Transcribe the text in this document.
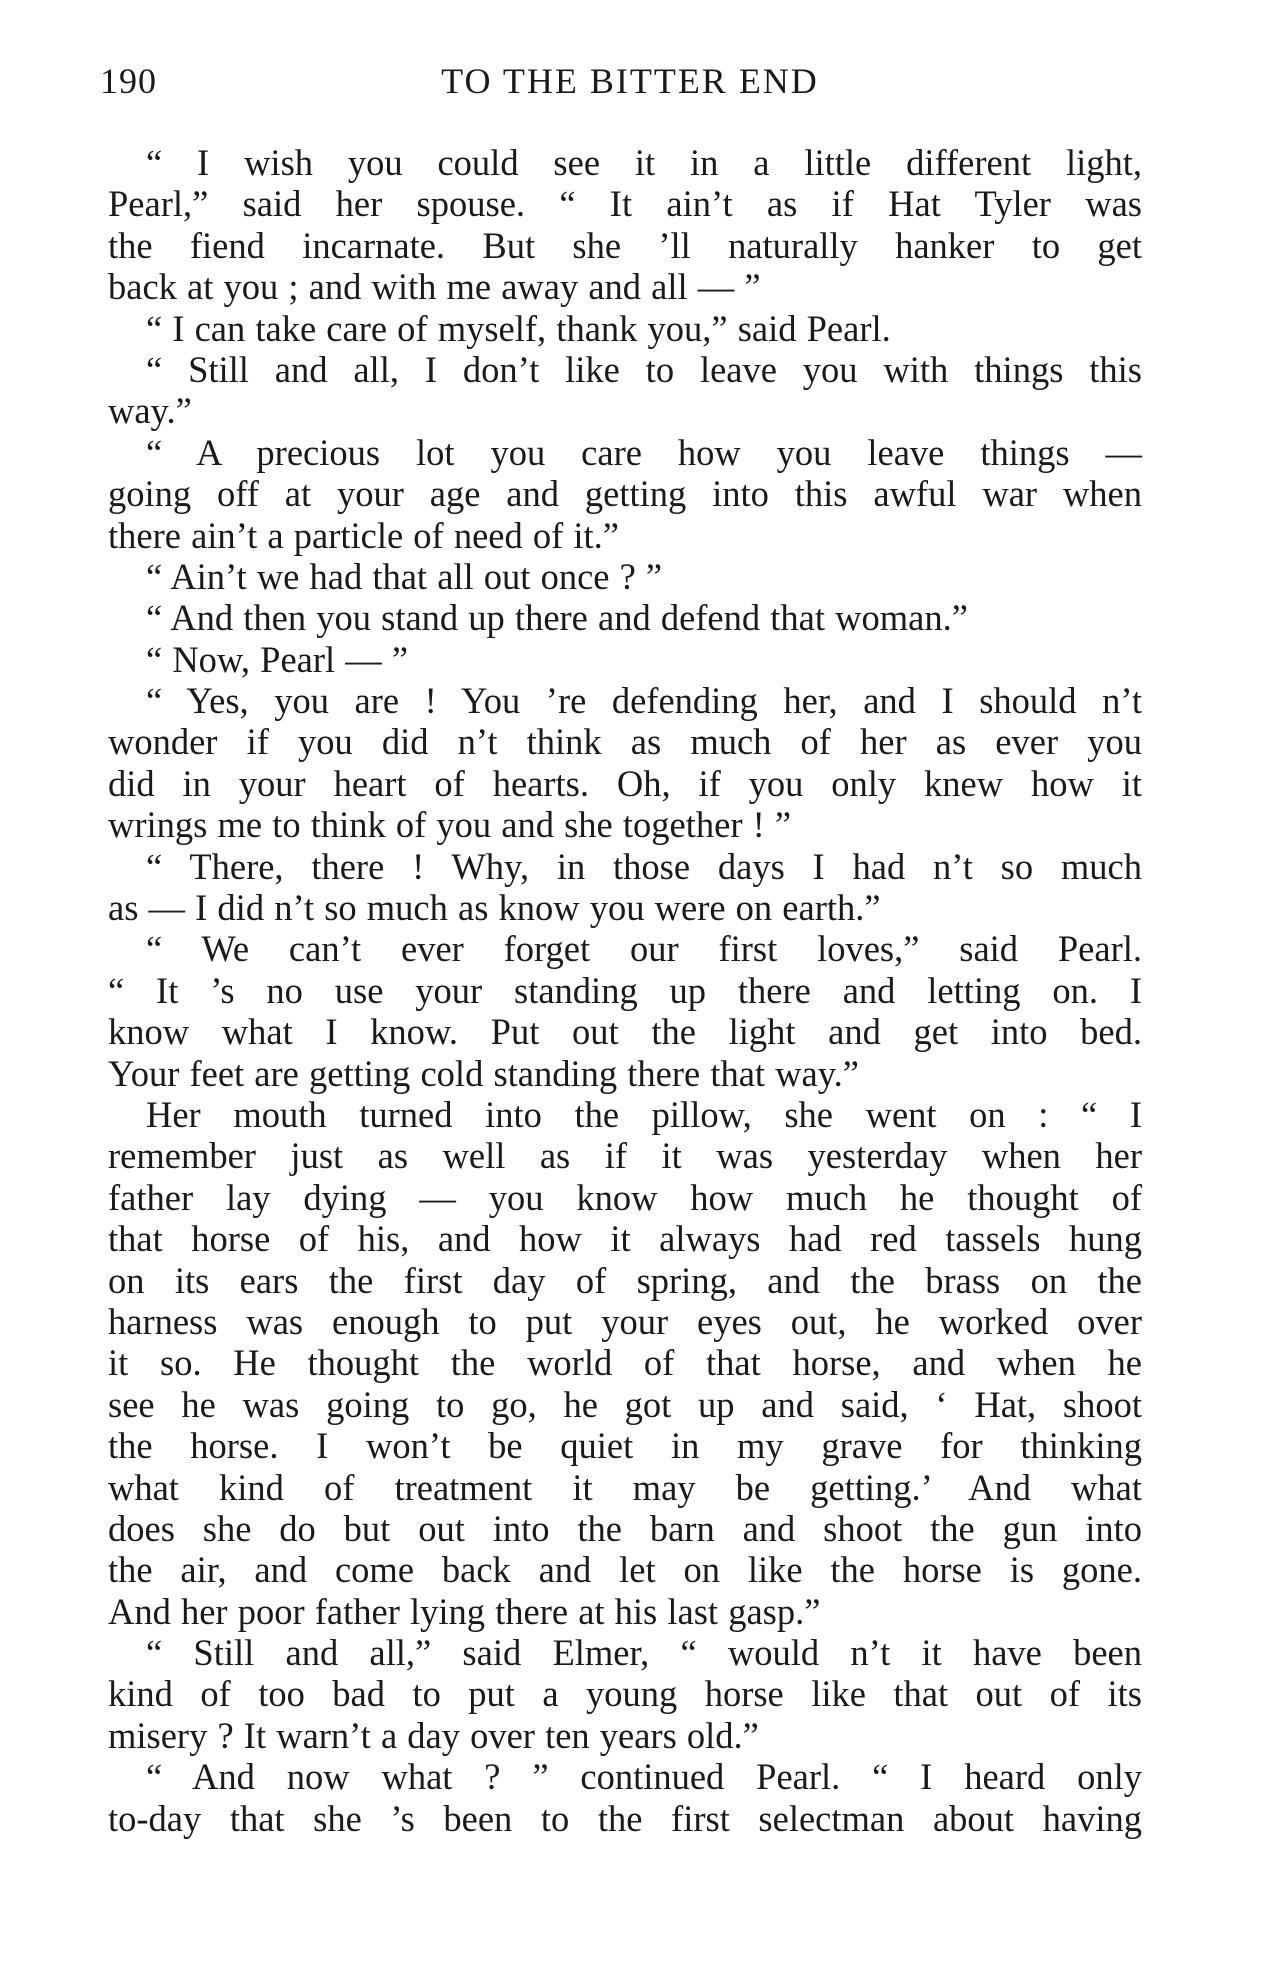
190	TO THE BITTER END
“ I wish you could see it in a little different light,
Pearl,” said her spouse. “ It ain’t as if Hat Tyler was
the fiend incarnate. But she ’ll naturally hanker to get
back at you ; and with me away and all — ”
“ I can take care of myself, thank you,” said Pearl.
“ Still and all, I don’t like to leave you with things this
way.”
“ A precious lot you care how you leave things —
going off at your age and getting into this awful war when
there ain’t a particle of need of it.”
“ Ain’t we had that all out once ? ”
“ And then you stand up there and defend that woman.”
“ Now, Pearl — ”
“ Yes, you are ! You ’re defending her, and I should n’t
wonder if you did n’t think as much of her as ever you
did in your heart of hearts. Oh, if you only knew how it
wrings me to think of you and she together ! ”
“ There, there ! Why, in those days I had n’t so much
as — I did n’t so much as know you were on earth.”
“ We can’t ever forget our first loves,” said Pearl.
“ It ’s no use your standing up there and letting on. I
know what I know. Put out the light and get into bed.
Your feet are getting cold standing there that way.”
Her mouth turned into the pillow, she went on : “ I
remember just as well as if it was yesterday when her
father lay dying — you know how much he thought of
that horse of his, and how it always had red tassels hung
on its ears the first day of spring, and the brass on the
harness was enough to put your eyes out, he worked over
it so. He thought the world of that horse, and when he
see he was going to go, he got up and said, ‘ Hat, shoot
the horse. I won’t be quiet in my grave for thinking
what kind of treatment it may be getting.’ And what
does she do but out into the barn and shoot the gun into
the air, and come back and let on like the horse is gone.
And her poor father lying there at his last gasp.”
“ Still and all,” said Elmer, “ would n’t it have been
kind of too bad to put a young horse like that out of its
misery ? It warn’t a day over ten years old.”
“ And now what ? ” continued Pearl. “ I heard only
to-day that she ’s been to the first selectman about having
